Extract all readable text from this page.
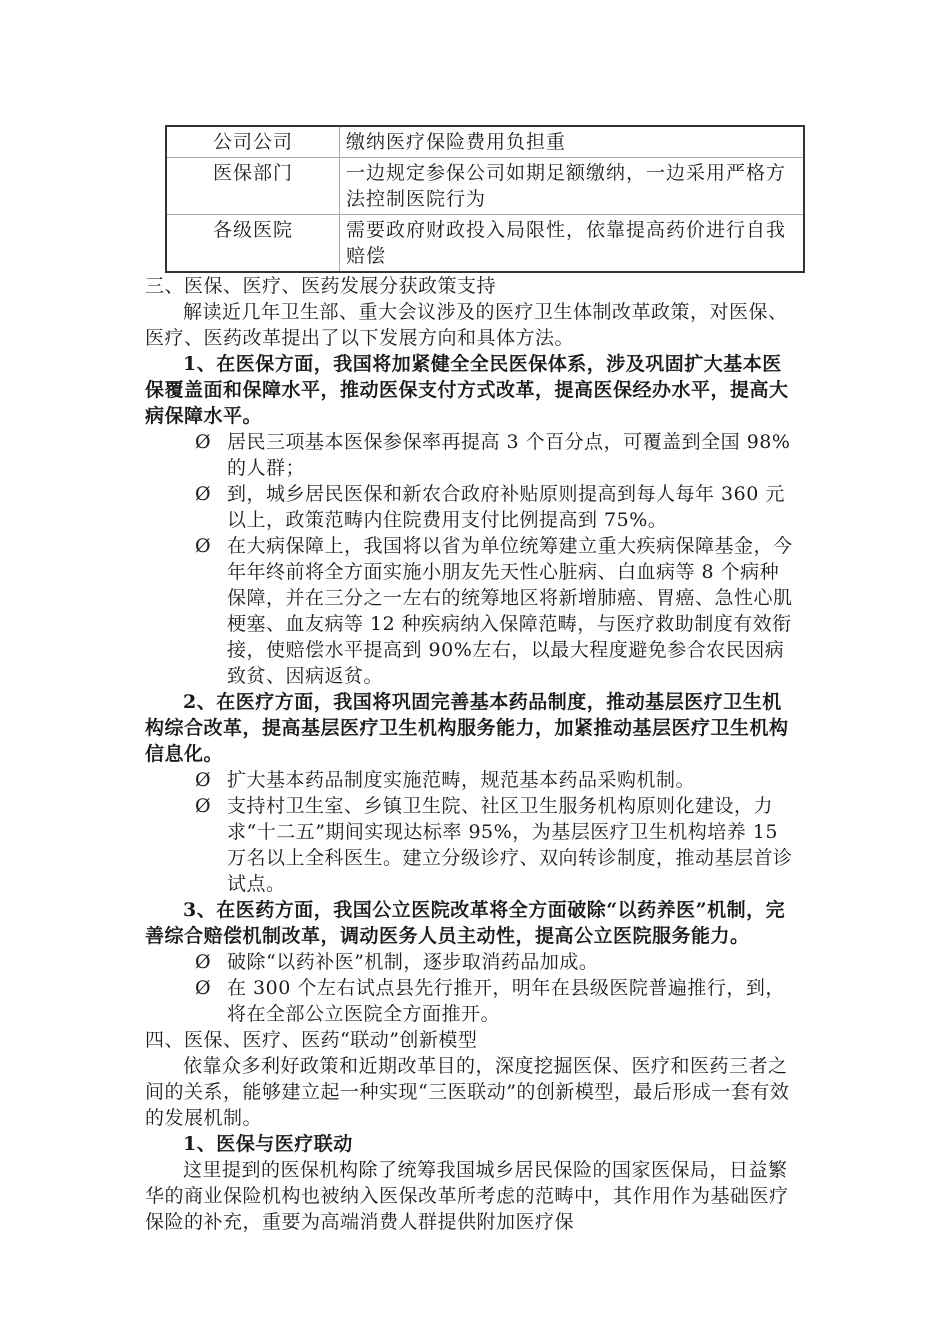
公司公司	缴纳医疗保险费用负担重
医保部门	一边规定参保公司如期足额缴纳，一边采用严格方法控制医院行为
各级医院	需要政府财政投入局限性，依靠提高药价进行自我赔偿

三、医保、医疗、医药发展分获政策支持

解读近几年卫生部、重大会议涉及的医疗卫生体制改革政策，对医保、医疗、医药改革提出了以下发展方向和具体方法。

1、在医保方面，我国将加紧健全全民医保体系，涉及巩固扩大基本医保覆盖面和保障水平，推动医保支付方式改革，提高医保经办水平，提高大病保障水平。

Ø 居民三项基本医保参保率再提高 3 个百分点，可覆盖到全国 98%的人群；

Ø 到，城乡居民医保和新农合政府补贴原则提高到每人每年 360 元以上，政策范畴内住院费用支付比例提高到 75%。

Ø 在大病保障上，我国将以省为单位统筹建立重大疾病保障基金，今年年终前将全方面实施小朋友先天性心脏病、白血病等 8 个病种保障，并在三分之一左右的统筹地区将新增肺癌、胃癌、急性心肌梗塞、血友病等 12 种疾病纳入保障范畴，与医疗救助制度有效衔接，使赔偿水平提高到 90%左右，以最大程度避免参合农民因病致贫、因病返贫。

2、在医疗方面，我国将巩固完善基本药品制度，推动基层医疗卫生机构综合改革，提高基层医疗卫生机构服务能力，加紧推动基层医疗卫生机构信息化。

Ø 扩大基本药品制度实施范畴，规范基本药品采购机制。

Ø 支持村卫生室、乡镇卫生院、社区卫生服务机构原则化建设，力求“十二五”期间实现达标率 95%，为基层医疗卫生机构培养 15 万名以上全科医生。建立分级诊疗、双向转诊制度，推动基层首诊试点。

3、在医药方面，我国公立医院改革将全方面破除“以药养医”机制，完善综合赔偿机制改革，调动医务人员主动性，提高公立医院服务能力。

Ø 破除“以药补医”机制，逐步取消药品加成。

Ø 在 300 个左右试点县先行推开，明年在县级医院普遍推行，到，将在全部公立医院全方面推开。

四、医保、医疗、医药“联动”创新模型

依靠众多利好政策和近期改革目的，深度挖掘医保、医疗和医药三者之间的关系，能够建立起一种实现“三医联动”的创新模型，最后形成一套有效的发展机制。

1、医保与医疗联动

这里提到的医保机构除了统筹我国城乡居民保险的国家医保局，日益繁华的商业保险机构也被纳入医保改革所考虑的范畴中，其作用作为基础医疗保险的补充，重要为高端消费人群提供附加医疗保
